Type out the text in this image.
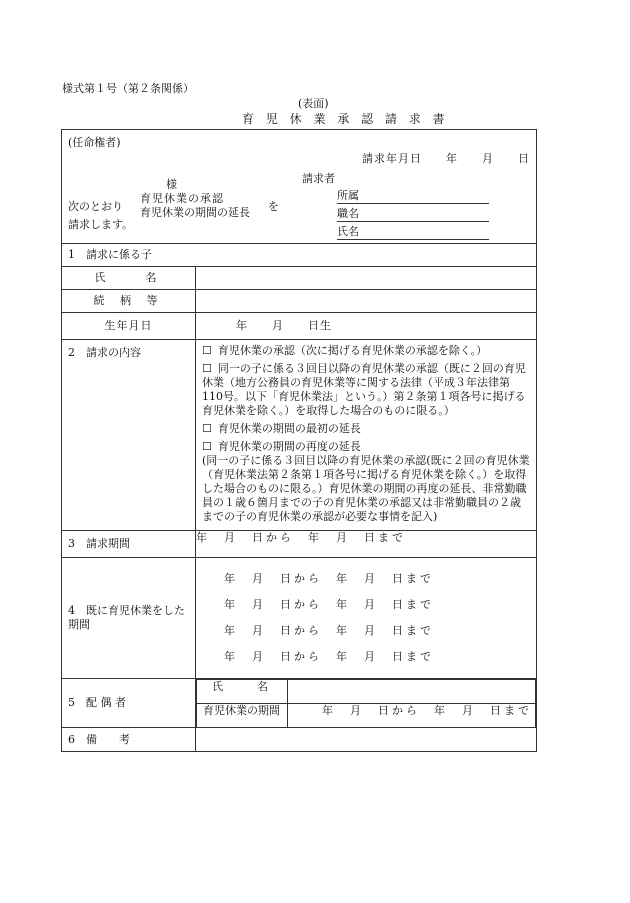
様式第１号（第２条関係）
(表面)
育 児 休 業 承 認 請 求 書
(任命権者)
請求年月日　　年　　月　　日
様	請求者
次のとおり
育児休業の承認
育児休業の期間の延長 を
請求します。
所属
職名
氏名

1　請求に係る子
氏　　名	
続 柄 等	
生年月日	年　　月　　日生
2　請求の内容	☐ 育児休業の承認（次に掲げる育児休業の承認を除く。）

☐ 同一の子に係る３回目以降の育児休業の承認（既に２回の育児休業（地方公務員の育児休業等に関する法律（平成３年法律第110号。以下「育児休業法」という。）第２条第１項各号に掲げる育児休業を除く。）を取得した場合のものに限る。）

☐ 育児休業の期間の最初の延長

☐ 育児休業の期間の再度の延長

(同一の子に係る３回目以降の育児休業の承認(既に２回の育児休業（育児休業法第２条第１項各号に掲げる育児休業を除く。）を取得した場合のものに限る。）育児休業の期間の再度の延長、非常勤職員の１歳６箇月までの子の育児休業の承認又は非常勤職員の２歳までの子の育児休業の承認が必要な事情を記入)

3　請求期間	年　月　日から　年　月　日まで
4　既に育児休業をした期間	
年　月　日から　年　月　日まで
年　月　日から　年　月　日まで
年　月　日から　年　月　日まで
年　月　日から　年　月　日まで

5　配 偶 者	
氏　　名	
育児休業の期間	年　月　日から　年　月　日まで

6　備　　考	
